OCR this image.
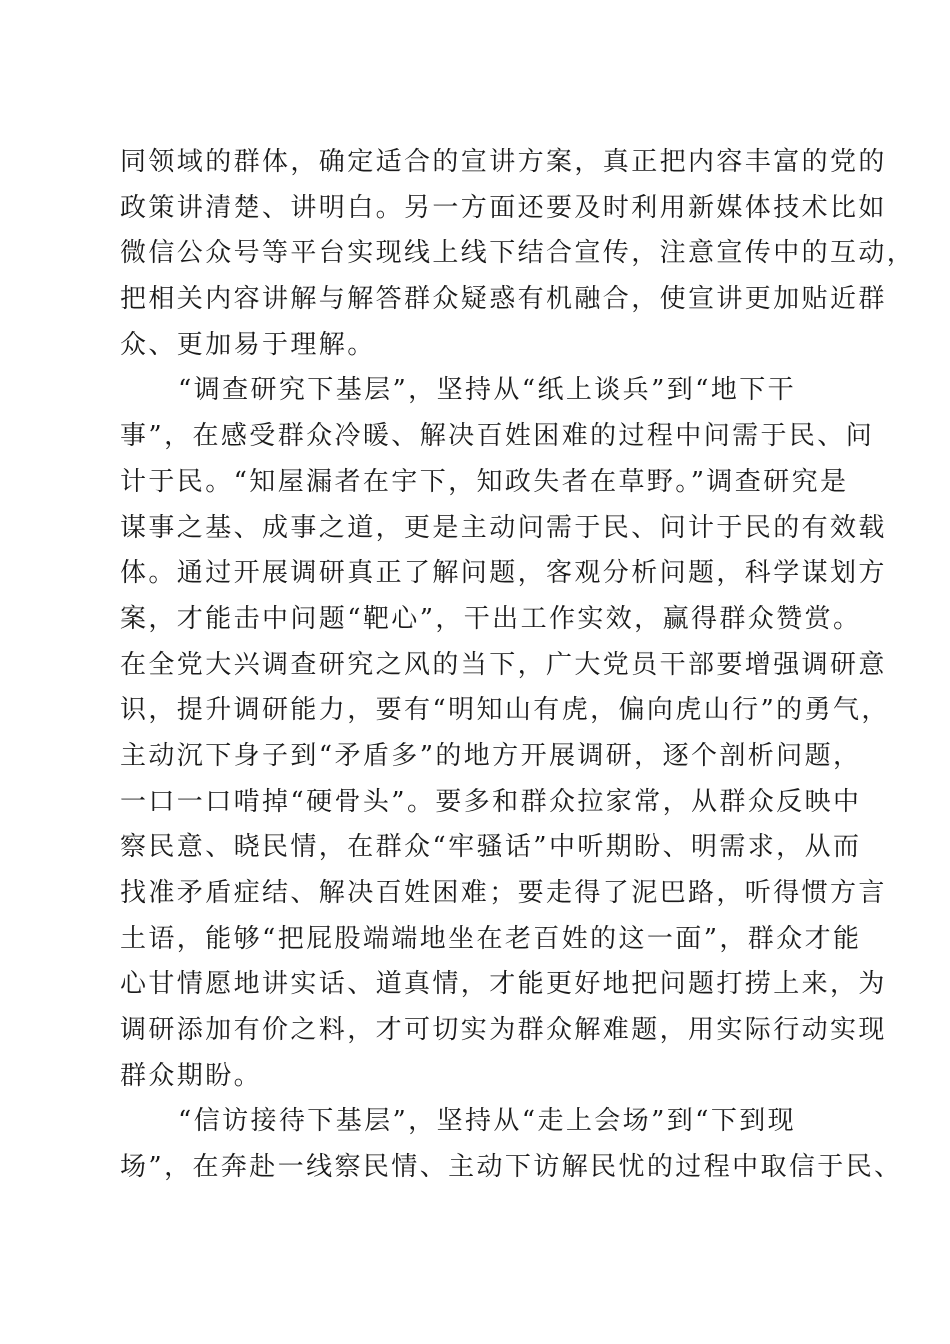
同领域的群体，确定适合的宣讲方案，真正把内容丰富的党的
政策讲清楚、讲明白。另一方面还要及时利用新媒体技术比如
微信公众号等平台实现线上线下结合宣传，注意宣传中的互动，
把相关内容讲解与解答群众疑惑有机融合，使宣讲更加贴近群
众、更加易于理解。
“调查研究下基层”，坚持从“纸上谈兵”到“地下干
事”，在感受群众冷暖、解决百姓困难的过程中问需于民、问
计于民。“知屋漏者在宇下，知政失者在草野。”调查研究是
谋事之基、成事之道，更是主动问需于民、问计于民的有效载
体。通过开展调研真正了解问题，客观分析问题，科学谋划方
案，才能击中问题“靶心”，干出工作实效，赢得群众赞赏。
在全党大兴调查研究之风的当下，广大党员干部要增强调研意
识，提升调研能力，要有“明知山有虎，偏向虎山行”的勇气，
主动沉下身子到“矛盾多”的地方开展调研，逐个剖析问题，
一口一口啃掉“硬骨头”。要多和群众拉家常，从群众反映中
察民意、晓民情，在群众“牢骚话”中听期盼、明需求，从而
找准矛盾症结、解决百姓困难；要走得了泥巴路，听得惯方言
土语，能够“把屁股端端地坐在老百姓的这一面”，群众才能
心甘情愿地讲实话、道真情，才能更好地把问题打捞上来，为
调研添加有价之料，才可切实为群众解难题，用实际行动实现
群众期盼。
“信访接待下基层”，坚持从“走上会场”到“下到现
场”，在奔赴一线察民情、主动下访解民忧的过程中取信于民、
